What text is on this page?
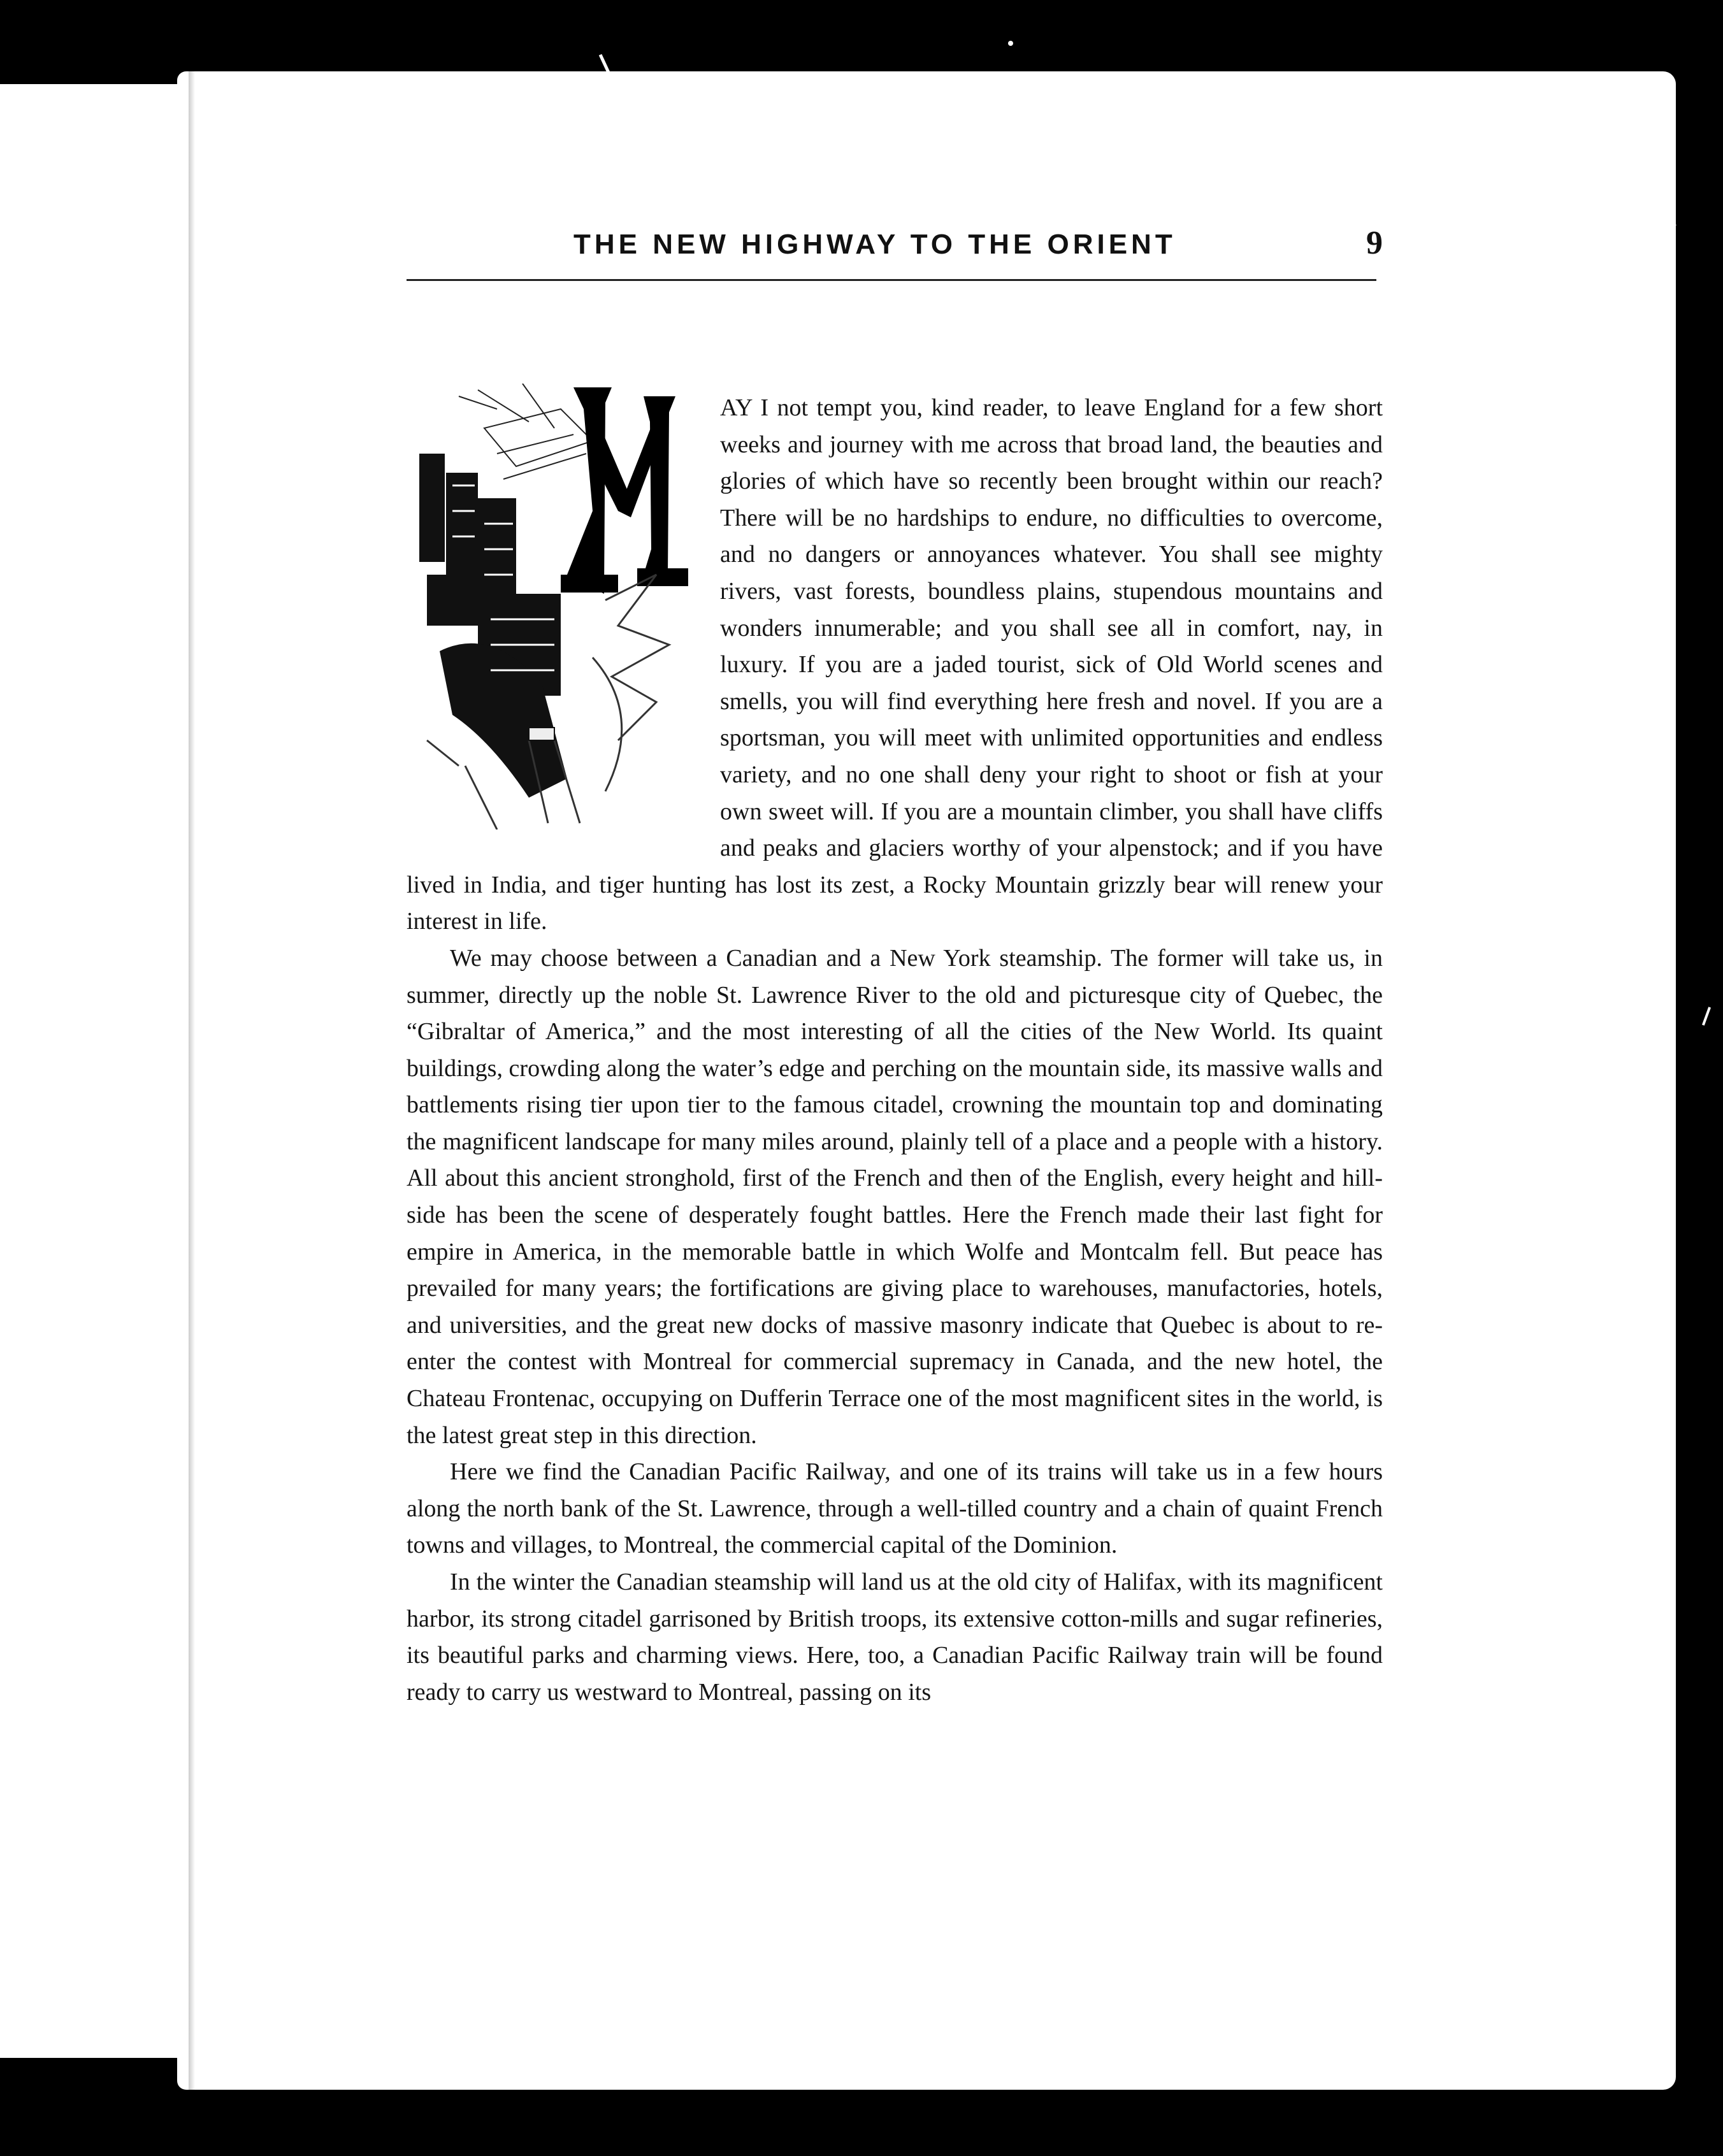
THE NEW HIGHWAY TO THE ORIENT	9

AY I not tempt you, kind reader, to leave England for a few short weeks and journey with me across that broad land, the beauties and glories of which have so recently been brought within our reach? There will be no hardships to endure, no difficulties to overcome, and no dangers or annoyances whatever. You shall see mighty rivers, vast forests, boundless plains, stupendous mountains and wonders innumerable; and you shall see all in comfort, nay, in luxury. If you are a jaded tourist, sick of Old World scenes and smells, you will find everything here fresh and novel. If you are a sportsman, you will meet with unlimited opportunities and endless variety, and no one shall deny your right to shoot or fish at your own sweet will. If you are a mountain climber, you shall have cliffs and peaks and glaciers worthy of your alpenstock; and if you have lived in India, and tiger hunting has lost its zest, a Rocky Mountain grizzly bear will renew your interest in life.

We may choose between a Canadian and a New York steamship. The former will take us, in summer, directly up the noble St. Lawrence River to the old and picturesque city of Quebec, the “Gibraltar of America,” and the most interesting of all the cities of the New World. Its quaint buildings, crowding along the water’s edge and perching on the mountain side, its massive walls and battlements rising tier upon tier to the famous citadel, crowning the mountain top and dominating the magnificent landscape for many miles around, plainly tell of a place and a people with a history. All about this ancient stronghold, first of the French and then of the English, every height and hill-side has been the scene of desperately fought battles. Here the French made their last fight for empire in America, in the memorable battle in which Wolfe and Montcalm fell. But peace has prevailed for many years; the fortifications are giving place to warehouses, manufactories, hotels, and universities, and the great new docks of massive masonry indicate that Quebec is about to re-enter the contest with Montreal for commercial supremacy in Canada, and the new hotel, the Chateau Frontenac, occupying on Dufferin Terrace one of the most magnificent sites in the world, is the latest great step in this direction.

Here we find the Canadian Pacific Railway, and one of its trains will take us in a few hours along the north bank of the St. Lawrence, through a well-tilled country and a chain of quaint French towns and villages, to Montreal, the commercial capital of the Dominion.

In the winter the Canadian steamship will land us at the old city of Halifax, with its magnificent harbor, its strong citadel garrisoned by British troops, its extensive cotton-mills and sugar refineries, its beautiful parks and charming views. Here, too, a Canadian Pacific Railway train will be found ready to carry us westward to Montreal, passing on its
